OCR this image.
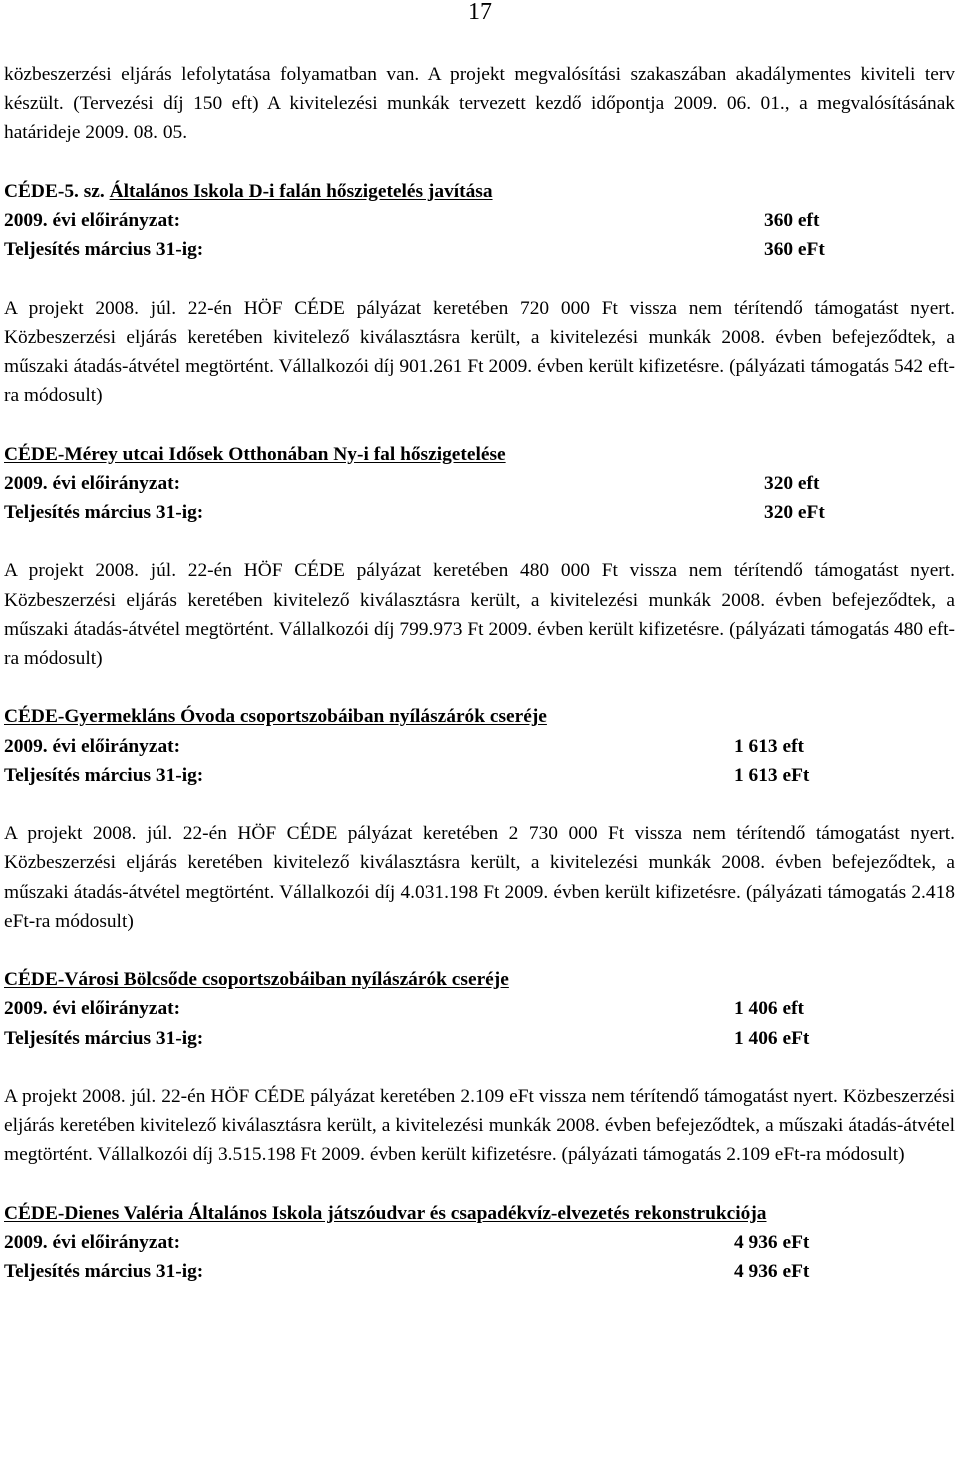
17

közbeszerzési eljárás lefolytatása folyamatban van. A projekt megvalósítási szakaszában akadálymentes kiviteli terv készült. (Tervezési díj 150 eft) A kivitelezési munkák tervezett kezdő időpontja 2009. 06. 01., a megvalósításának határideje 2009. 08. 05.

CÉDE-5. sz. Általános Iskola D-i falán hőszigetelés javítása

2009. évi előirányzat:	360 eft
Teljesítés március 31-ig:	360 eFt

A projekt 2008. júl. 22-én HÖF CÉDE pályázat keretében 720 000 Ft vissza nem térítendő támogatást nyert. Közbeszerzési eljárás keretében kivitelező kiválasztásra került, a kivitelezési munkák 2008. évben befejeződtek, a műszaki átadás-átvétel megtörtént. Vállalkozói díj 901.261 Ft 2009. évben került kifizetésre. (pályázati támogatás 542 eft-ra módosult)

CÉDE-Mérey utcai Idősek Otthonában Ny-i fal hőszigetelése

2009. évi előirányzat:	320 eft
Teljesítés március 31-ig:	320 eFt

A projekt 2008. júl. 22-én HÖF CÉDE pályázat keretében 480 000 Ft vissza nem térítendő támogatást nyert. Közbeszerzési eljárás keretében kivitelező kiválasztásra került, a kivitelezési munkák 2008. évben befejeződtek, a műszaki átadás-átvétel megtörtént. Vállalkozói díj 799.973 Ft 2009. évben került kifizetésre. (pályázati támogatás 480 eft-ra módosult)

CÉDE-Gyermekláns Óvoda csoportszobáiban nyílászárók cseréje

2009. évi előirányzat:	1 613 eft
Teljesítés március 31-ig:	1 613 eFt

A projekt 2008. júl. 22-én HÖF CÉDE pályázat keretében 2 730 000 Ft vissza nem térítendő támogatást nyert. Közbeszerzési eljárás keretében kivitelező kiválasztásra került, a kivitelezési munkák 2008. évben befejeződtek, a műszaki átadás-átvétel megtörtént. Vállalkozói díj 4.031.198 Ft 2009. évben került kifizetésre. (pályázati támogatás 2.418 eFt-ra módosult)

CÉDE-Városi Bölcsőde csoportszobáiban nyílászárók cseréje

2009. évi előirányzat:	1 406 eft
Teljesítés március 31-ig:	1 406 eFt

A projekt 2008. júl. 22-én HÖF CÉDE pályázat keretében 2.109 eFt vissza nem térítendő támogatást nyert. Közbeszerzési eljárás keretében kivitelező kiválasztásra került, a kivitelezési munkák 2008. évben befejeződtek, a műszaki átadás-átvétel megtörtént. Vállalkozói díj 3.515.198 Ft 2009. évben került kifizetésre. (pályázati támogatás 2.109 eFt-ra módosult)

CÉDE-Dienes Valéria Általános Iskola játszóudvar és csapadékvíz-elvezetés rekonstrukciója

2009. évi előirányzat:	4 936 eFt
Teljesítés március 31-ig:	4 936 eFt
